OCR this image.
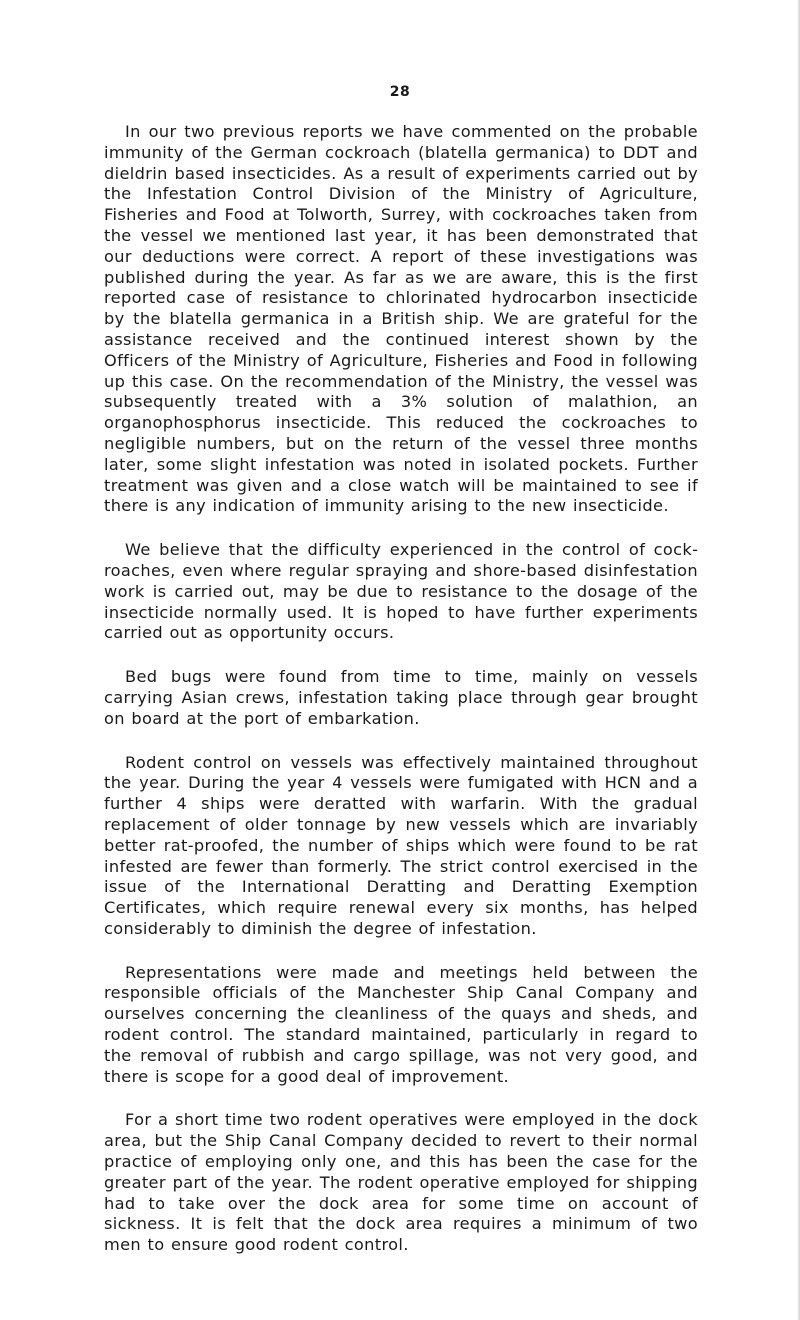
28

In our two previous reports we have commented on the probable immunity of the German cockroach (blatella germanica) to DDT and dieldrin based insecticides. As a result of experiments carried out by the Infestation Control Division of the Ministry of Agriculture, Fisheries and Food at Tolworth, Surrey, with cockroaches taken from the vessel we mentioned last year, it has been demonstrated that our deductions were correct. A report of these investigations was published during the year. As far as we are aware, this is the first reported case of resistance to chlorinated hydrocarbon insecticide by the blatella germanica in a British ship. We are grateful for the assistance received and the continued interest shown by the Officers of the Ministry of Agriculture, Fisheries and Food in following up this case. On the recommendation of the Ministry, the vessel was subsequently treated with a 3% solution of malathion, an organophosphorus insecticide. This reduced the cockroaches to negligible numbers, but on the return of the vessel three months later, some slight infestation was noted in isolated pockets. Further treatment was given and a close watch will be maintained to see if there is any indication of immunity arising to the new insecticide.

We believe that the difficulty experienced in the control of cockroaches, even where regular spraying and shore-based disinfestation work is carried out, may be due to resistance to the dosage of the insecticide normally used. It is hoped to have further experiments carried out as opportunity occurs.

Bed bugs were found from time to time, mainly on vessels carrying Asian crews, infestation taking place through gear brought on board at the port of embarkation.

Rodent control on vessels was effectively maintained throughout the year. During the year 4 vessels were fumigated with HCN and a further 4 ships were deratted with warfarin. With the gradual replacement of older tonnage by new vessels which are invariably better rat-proofed, the number of ships which were found to be rat infested are fewer than formerly. The strict control exercised in the issue of the International Deratting and Deratting Exemption Certificates, which require renewal every six months, has helped considerably to diminish the degree of infestation.

Representations were made and meetings held between the responsible officials of the Manchester Ship Canal Company and ourselves concerning the cleanliness of the quays and sheds, and rodent control. The standard maintained, particularly in regard to the removal of rubbish and cargo spillage, was not very good, and there is scope for a good deal of improvement.

For a short time two rodent operatives were employed in the dock area, but the Ship Canal Company decided to revert to their normal practice of employing only one, and this has been the case for the greater part of the year. The rodent operative employed for shipping had to take over the dock area for some time on account of sickness. It is felt that the dock area requires a minimum of two men to ensure good rodent control.
